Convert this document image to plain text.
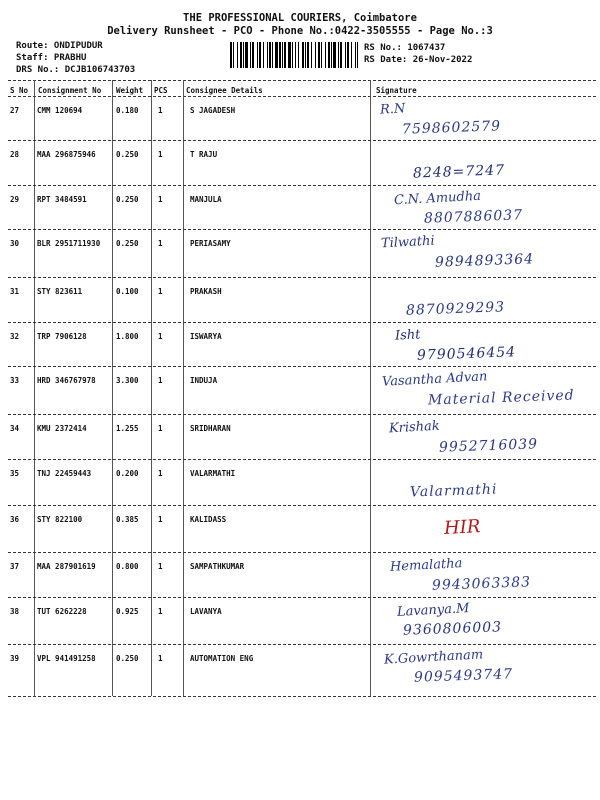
THE PROFESSIONAL COURIERS, Coimbatore
Delivery Runsheet - PCO - Phone No.:0422-3505555 - Page No.:3
Route: ONDIPUDUR
Staff: PRABHU
DRS No.: DCJB106743703
RS No.: 1067437
RS Date: 26-Nov-2022
S No Consignment No Weight PCS Consignee Details	Signature
27 CMM 120694	0.180	1	S JAGADESH	R.N
7598602579
28 MAA 296875946	0.250	1	T RAJU
8248=7247
29 RPT 3484591	0.250	1	MANJULA	C.N. Amudha
8807886037
30 BLR 2951711930 0.250	1	PERIASAMY	Tilwathi
9894893364
31 STY 823611	0.100	1	PRAKASH
8870929293
32 TRP 7906128	1.800	1	ISWARYA	Isht
9790546454
33 HRD 346767978	3.300	1	INDUJA	Vasantha Advan
Material Received
34 KMU 2372414	1.255	1	SRIDHARAN	Krishak
9952716039
35 TNJ 22459443	0.200	1	VALARMATHI
Valarmathi
36 STY 822100	0.385	1	KALIDASS	HIR
37 MAA 287901619	0.800	1	SAMPATHKUMAR	Hemalatha
9943063383
38 TUT 6262228	0.925	1	LAVANYA	Lavanya.M
9360806003
39 VPL 941491258	0.250	1	AUTOMATION ENG	K.Gowrthanam
9095493747
